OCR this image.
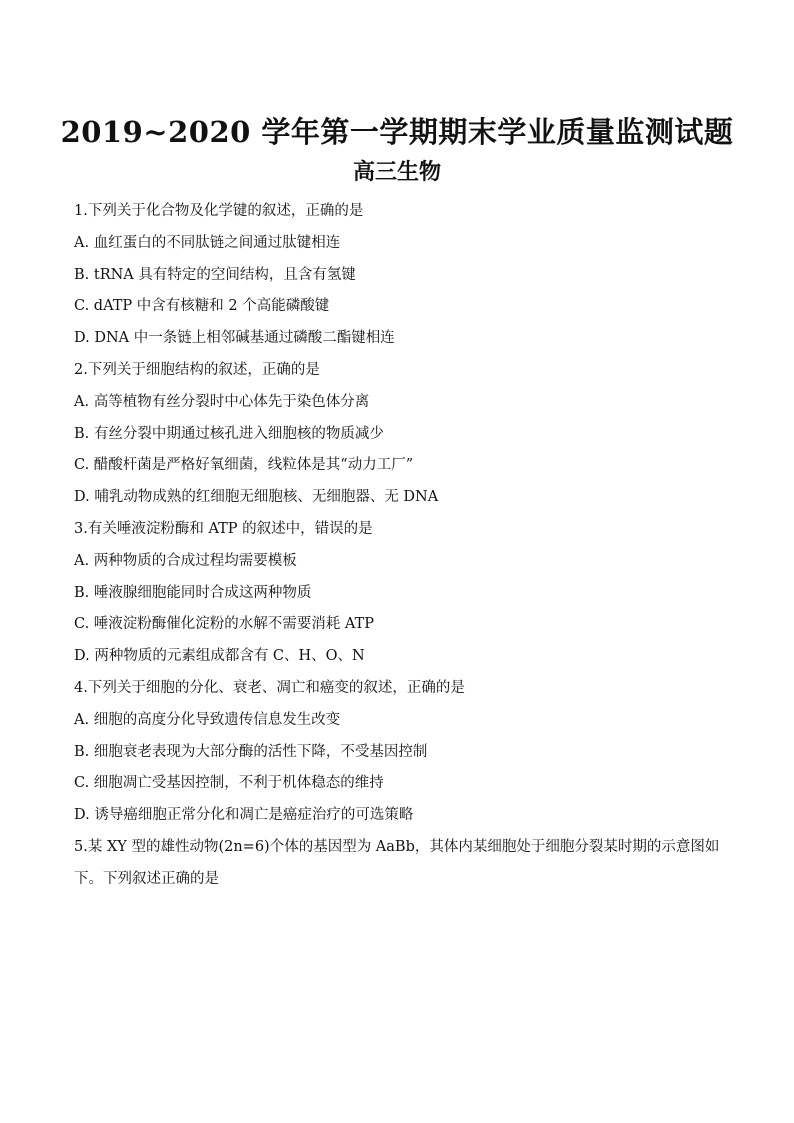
2019~2020 学年第一学期期末学业质量监测试题
高三生物
1.下列关于化合物及化学键的叙述，正确的是
A. 血红蛋白的不同肽链之间通过肽键相连
B. tRNA 具有特定的空间结构，且含有氢键
C. dATP 中含有核糖和 2 个高能磷酸键
D. DNA 中一条链上相邻碱基通过磷酸二酯键相连
2.下列关于细胞结构的叙述，正确的是
A. 高等植物有丝分裂时中心体先于染色体分离
B. 有丝分裂中期通过核孔进入细胞核的物质减少
C. 醋酸杆菌是严格好氧细菌，线粒体是其“动力工厂”
D. 哺乳动物成熟的红细胞无细胞核、无细胞器、无 DNA
3.有关唾液淀粉酶和 ATP 的叙述中，错误的是
A. 两种物质的合成过程均需要模板
B. 唾液腺细胞能同时合成这两种物质
C. 唾液淀粉酶催化淀粉的水解不需要消耗 ATP
D. 两种物质的元素组成都含有 C、H、O、N
4.下列关于细胞的分化、衰老、凋亡和癌变的叙述，正确的是
A. 细胞的高度分化导致遗传信息发生改变
B. 细胞衰老表现为大部分酶的活性下降，不受基因控制
C. 细胞凋亡受基因控制，不利于机体稳态的维持
D. 诱导癌细胞正常分化和凋亡是癌症治疗的可选策略
5.某 XY 型的雄性动物(2n=6)个体的基因型为 AaBb，其体内某细胞处于细胞分裂某时期的示意图如下。下列叙述正确的是
